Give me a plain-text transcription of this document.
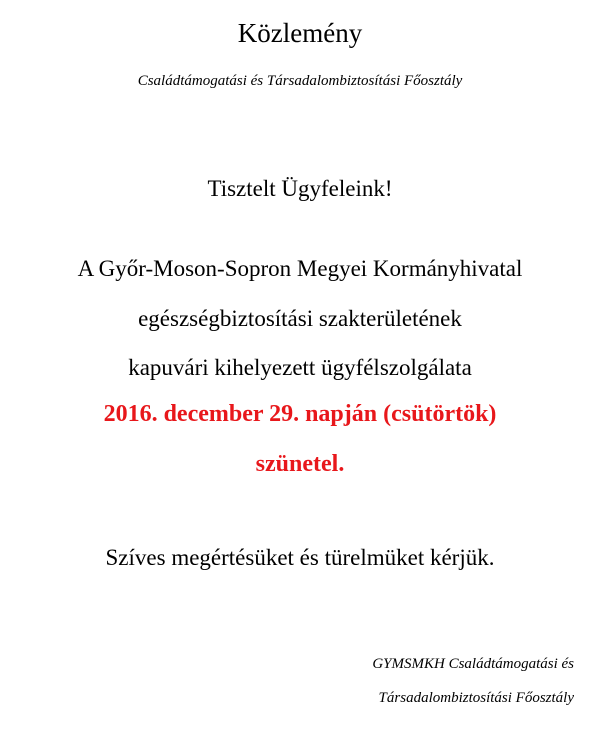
Közlemény
Családtámogatási és Társadalombiztosítási Főosztály
Tisztelt Ügyfeleink!
A Győr-Moson-Sopron Megyei Kormányhivatal
egészségbiztosítási szakterületének
kapuvári kihelyezett ügyfélszolgálata
2016. december 29. napján (csütörtök)
szünetel.
Szíves megértésüket és türelmüket kérjük.
GYMSMKH Családtámogatási és
Társadalombiztosítási Főosztály
